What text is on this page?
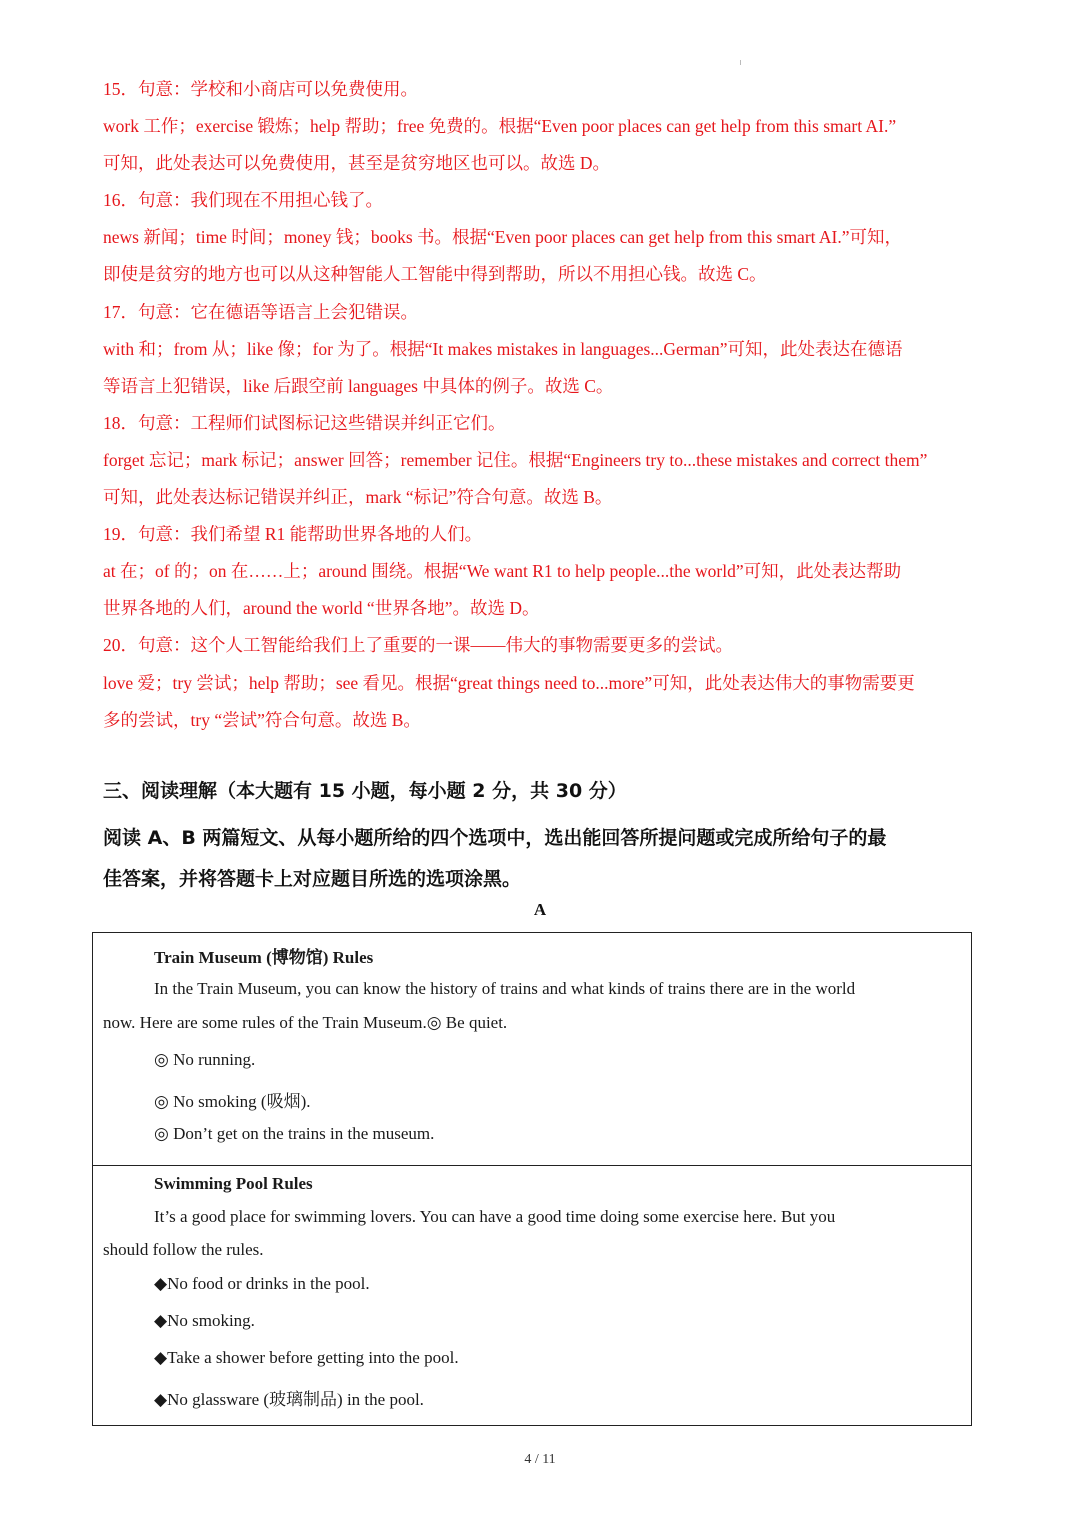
15．句意：学校和小商店可以免费使用。

work 工作；exercise 锻炼；help 帮助；free 免费的。根据“Even poor places can get help from this smart AI.”

可知，此处表达可以免费使用，甚至是贫穷地区也可以。故选 D。

16．句意：我们现在不用担心钱了。

news 新闻；time 时间；money 钱；books 书。根据“Even poor places can get help from this smart AI.”可知，

即使是贫穷的地方也可以从这种智能人工智能中得到帮助，所以不用担心钱。故选 C。

17．句意：它在德语等语言上会犯错误。

with 和；from 从；like 像；for 为了。根据“It makes mistakes in languages...German”可知，此处表达在德语

等语言上犯错误，like 后跟空前 languages 中具体的例子。故选 C。

18．句意：工程师们试图标记这些错误并纠正它们。

forget 忘记；mark 标记；answer 回答；remember 记住。根据“Engineers try to...these mistakes and correct them”

可知，此处表达标记错误并纠正，mark “标记”符合句意。故选 B。

19．句意：我们希望 R1 能帮助世界各地的人们。

at 在；of 的；on 在……上；around 围绕。根据“We want R1 to help people...the world”可知，此处表达帮助

世界各地的人们，around the world “世界各地”。故选 D。

20．句意：这个人工智能给我们上了重要的一课——伟大的事物需要更多的尝试。

love 爱；try 尝试；help 帮助；see 看见。根据“great things need to...more”可知，此处表达伟大的事物需要更

多的尝试，try “尝试”符合句意。故选 B。

三、阅读理解（本大题有 15 小题，每小题 2 分，共 30 分）

阅读 A、B 两篇短文、从每小题所给的四个选项中，选出能回答所提问题或完成所给句子的最

佳答案，并将答题卡上对应题目所选的选项涂黑。

A
Train Museum (博物馆) Rules
In the Train Museum, you can know the history of trains and what kinds of trains there are in the world
now. Here are some rules of the Train Museum.◎ Be quiet.
◎ No running.
◎ No smoking (吸烟).
◎ Don’t get on the trains in the museum.
Swimming Pool Rules
It’s a good place for swimming lovers. You can have a good time doing some exercise here. But you
should follow the rules.
◆No food or drinks in the pool.
◆No smoking.
◆Take a shower before getting into the pool.
◆No glassware (玻璃制品) in the pool.
4 / 11
